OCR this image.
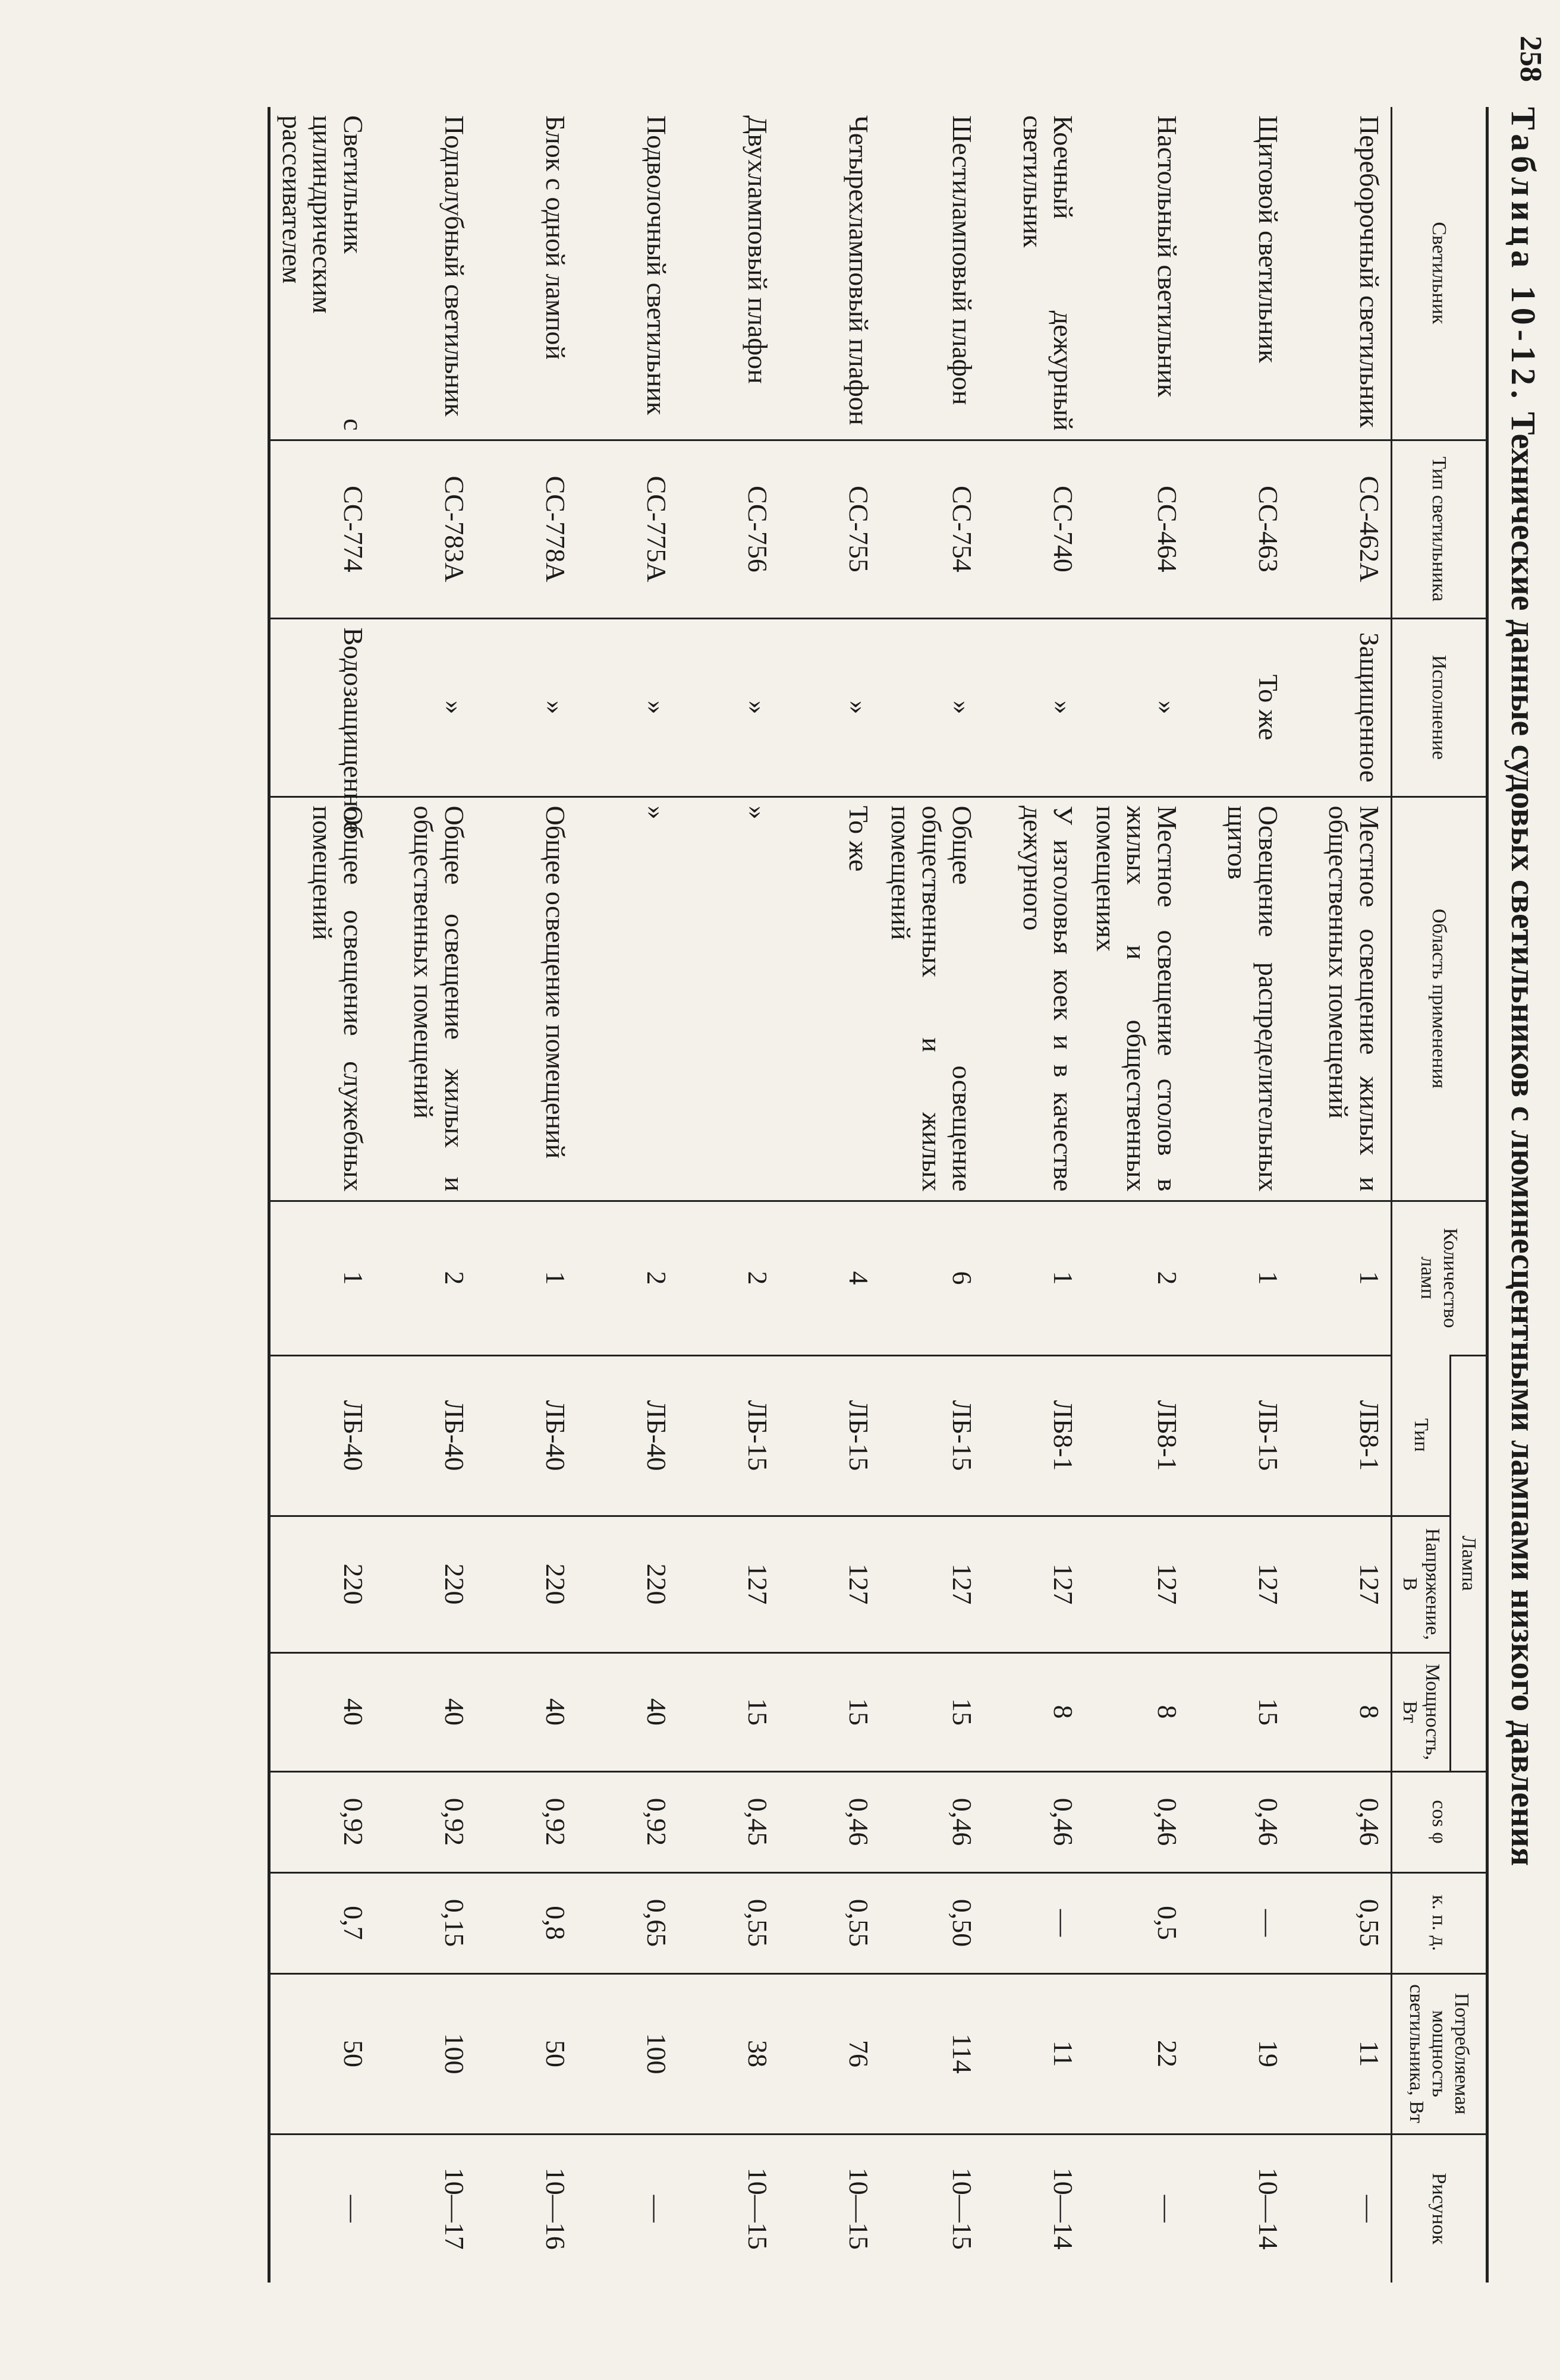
258
Таблица 10-12. Технические данные судовых светильников с люминесцентными лампами низкого давления
Светильник	Тип светильника	Исполнение	Область применения	Количество ламп	Лампа			cos φ	к. п. д.	Потребляемая мощность светильника, Вт	Рисунок
					Тип	Напряжение, В	Мощность, Вт				
Переборочный светильник	СС-462А	Защищенное	Местное освещение жилых и общественных помещений	1	ЛБ8-1	127	8	0,46	0,55	11	—
Щитовой светильник	СС-463	То же	Освещение распределительных щитов	1	ЛБ-15	127	15	0,46	—	19	10—14
Настольный светильник	СС-464	»	Местное освещение столов в жилых и общественных помещениях	2	ЛБ8-1	127	8	0,46	0,5	22	—
Коечный дежурный светильник	СС-740	»	У изголовья коек и в качестве дежурного	1	ЛБ8-1	127	8	0,46	—	11	10—14
Шестиламповый плафон	СС-754	»	Общее освещение общественных и жилых помещений	6	ЛБ-15	127	15	0,46	0,50	114	10—15
Четырехламповый плафон	СС-755	»	То же	4	ЛБ-15	127	15	0,46	0,55	76	10—15
Двухламповый плафон	СС-756	»	»	2	ЛБ-15	127	15	0,45	0,55	38	10—15
Подволочный светильник	СС-775А	»	»	2	ЛБ-40	220	40	0,92	0,65	100	—
Блок с одной лампой	СС-778А	»	Общее освещение помещений	1	ЛБ-40	220	40	0,92	0,8	50	10—16
Подпалубный светильник	СС-783А	»	Общее освещение жилых и общественных помещений	2	ЛБ-40	220	40	0,92	0,15	100	10—17
Светильник с цилиндрическим рассеивателем	СС-774	Водозащищенное	Общее освещение служебных помещений	1	ЛБ-40	220	40	0,92	0,7	50	—
